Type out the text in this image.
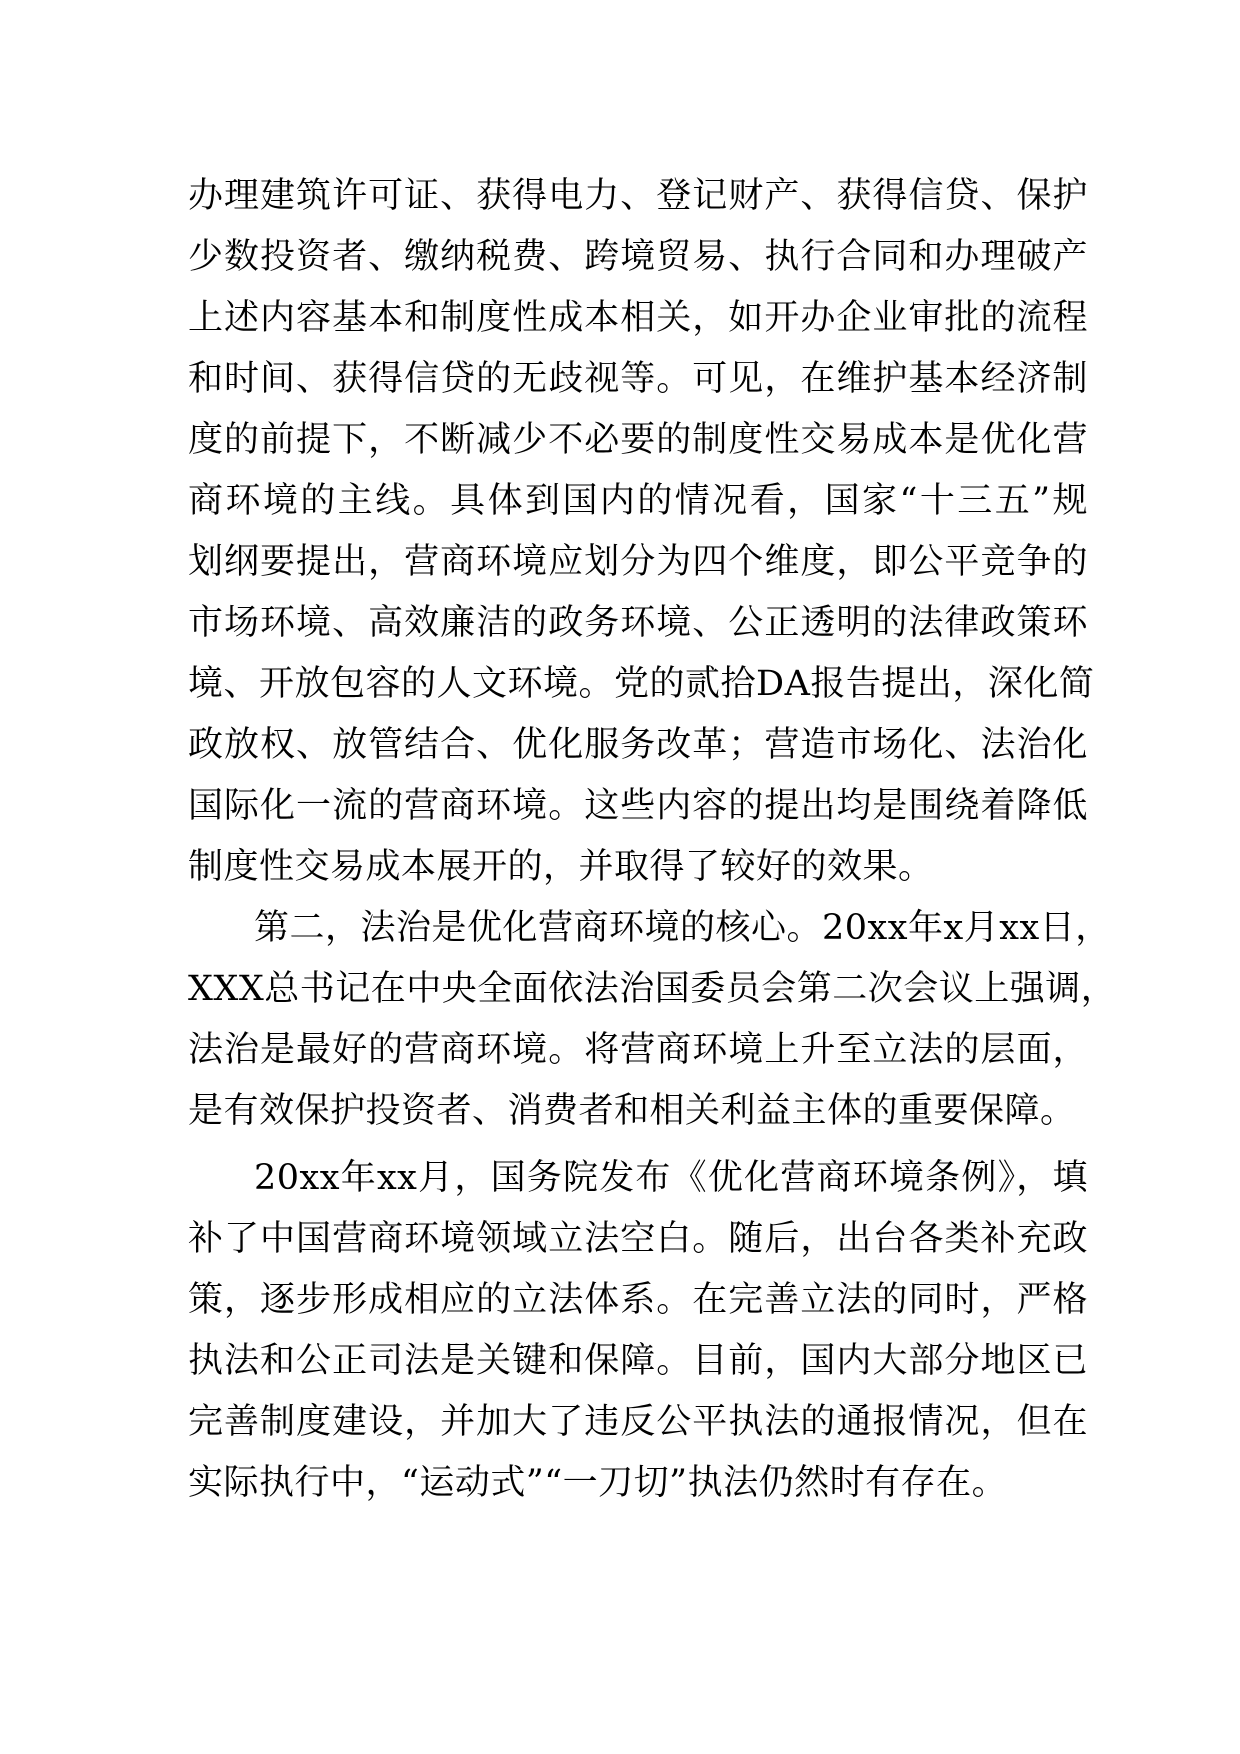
办理建筑许可证、获得电力、登记财产、获得信贷、保护
少数投资者、缴纳税费、跨境贸易、执行合同和办理破产
上述内容基本和制度性成本相关，如开办企业审批的流程
和时间、获得信贷的无歧视等。可见，在维护基本经济制
度的前提下，不断减少不必要的制度性交易成本是优化营
商环境的主线。具体到国内的情况看，国家“十三五”规
划纲要提出，营商环境应划分为四个维度，即公平竞争的
市场环境、高效廉洁的政务环境、公正透明的法律政策环
境、开放包容的人文环境。党的贰拾DA报告提出，深化简
政放权、放管结合、优化服务改革；营造市场化、法治化
国际化一流的营商环境。这些内容的提出均是围绕着降低
制度性交易成本展开的，并取得了较好的效果。
第二，法治是优化营商环境的核心。20xx年x月xx日，
XXX总书记在中央全面依法治国委员会第二次会议上强调，
法治是最好的营商环境。将营商环境上升至立法的层面，
是有效保护投资者、消费者和相关利益主体的重要保障。
20xx年xx月，国务院发布《优化营商环境条例》，填
补了中国营商环境领域立法空白。随后，出台各类补充政
策，逐步形成相应的立法体系。在完善立法的同时，严格
执法和公正司法是关键和保障。目前，国内大部分地区已
完善制度建设，并加大了违反公平执法的通报情况，但在
实际执行中，“运动式”“一刀切”执法仍然时有存在。
